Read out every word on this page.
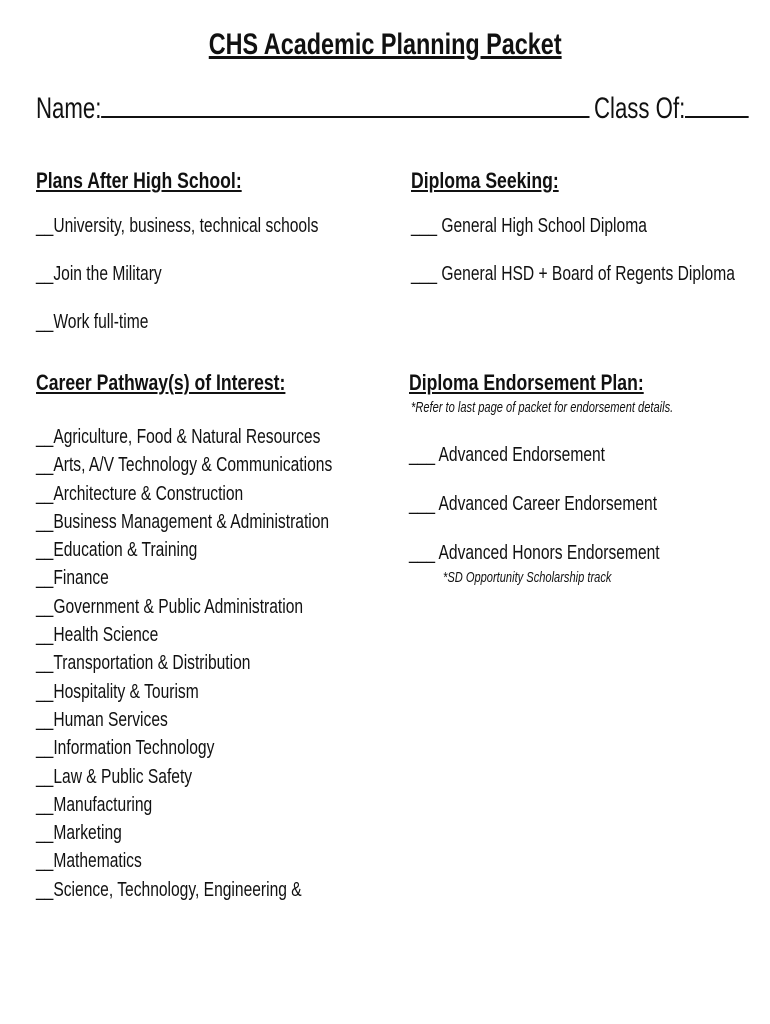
CHS Academic Planning Packet
Name:	Class Of:
Plans After High School:
__University, business, technical schools
__Join the Military
__Work full-time
Diploma Seeking:
___ General High School Diploma
___ General HSD + Board of Regents Diploma
Career Pathway(s) of Interest:
__Agriculture, Food & Natural Resources
__Arts, A/V Technology & Communications
__Architecture & Construction
__Business Management & Administration
__Education & Training
__Finance
__Government & Public Administration
__Health Science
__Transportation & Distribution
__Hospitality & Tourism
__Human Services
__Information Technology
__Law & Public Safety
__Manufacturing
__Marketing
__Mathematics
__Science, Technology, Engineering &
Diploma Endorsement Plan:
*Refer to last page of packet for endorsement details.
___ Advanced Endorsement
___ Advanced Career Endorsement
___ Advanced Honors Endorsement
*SD Opportunity Scholarship track
